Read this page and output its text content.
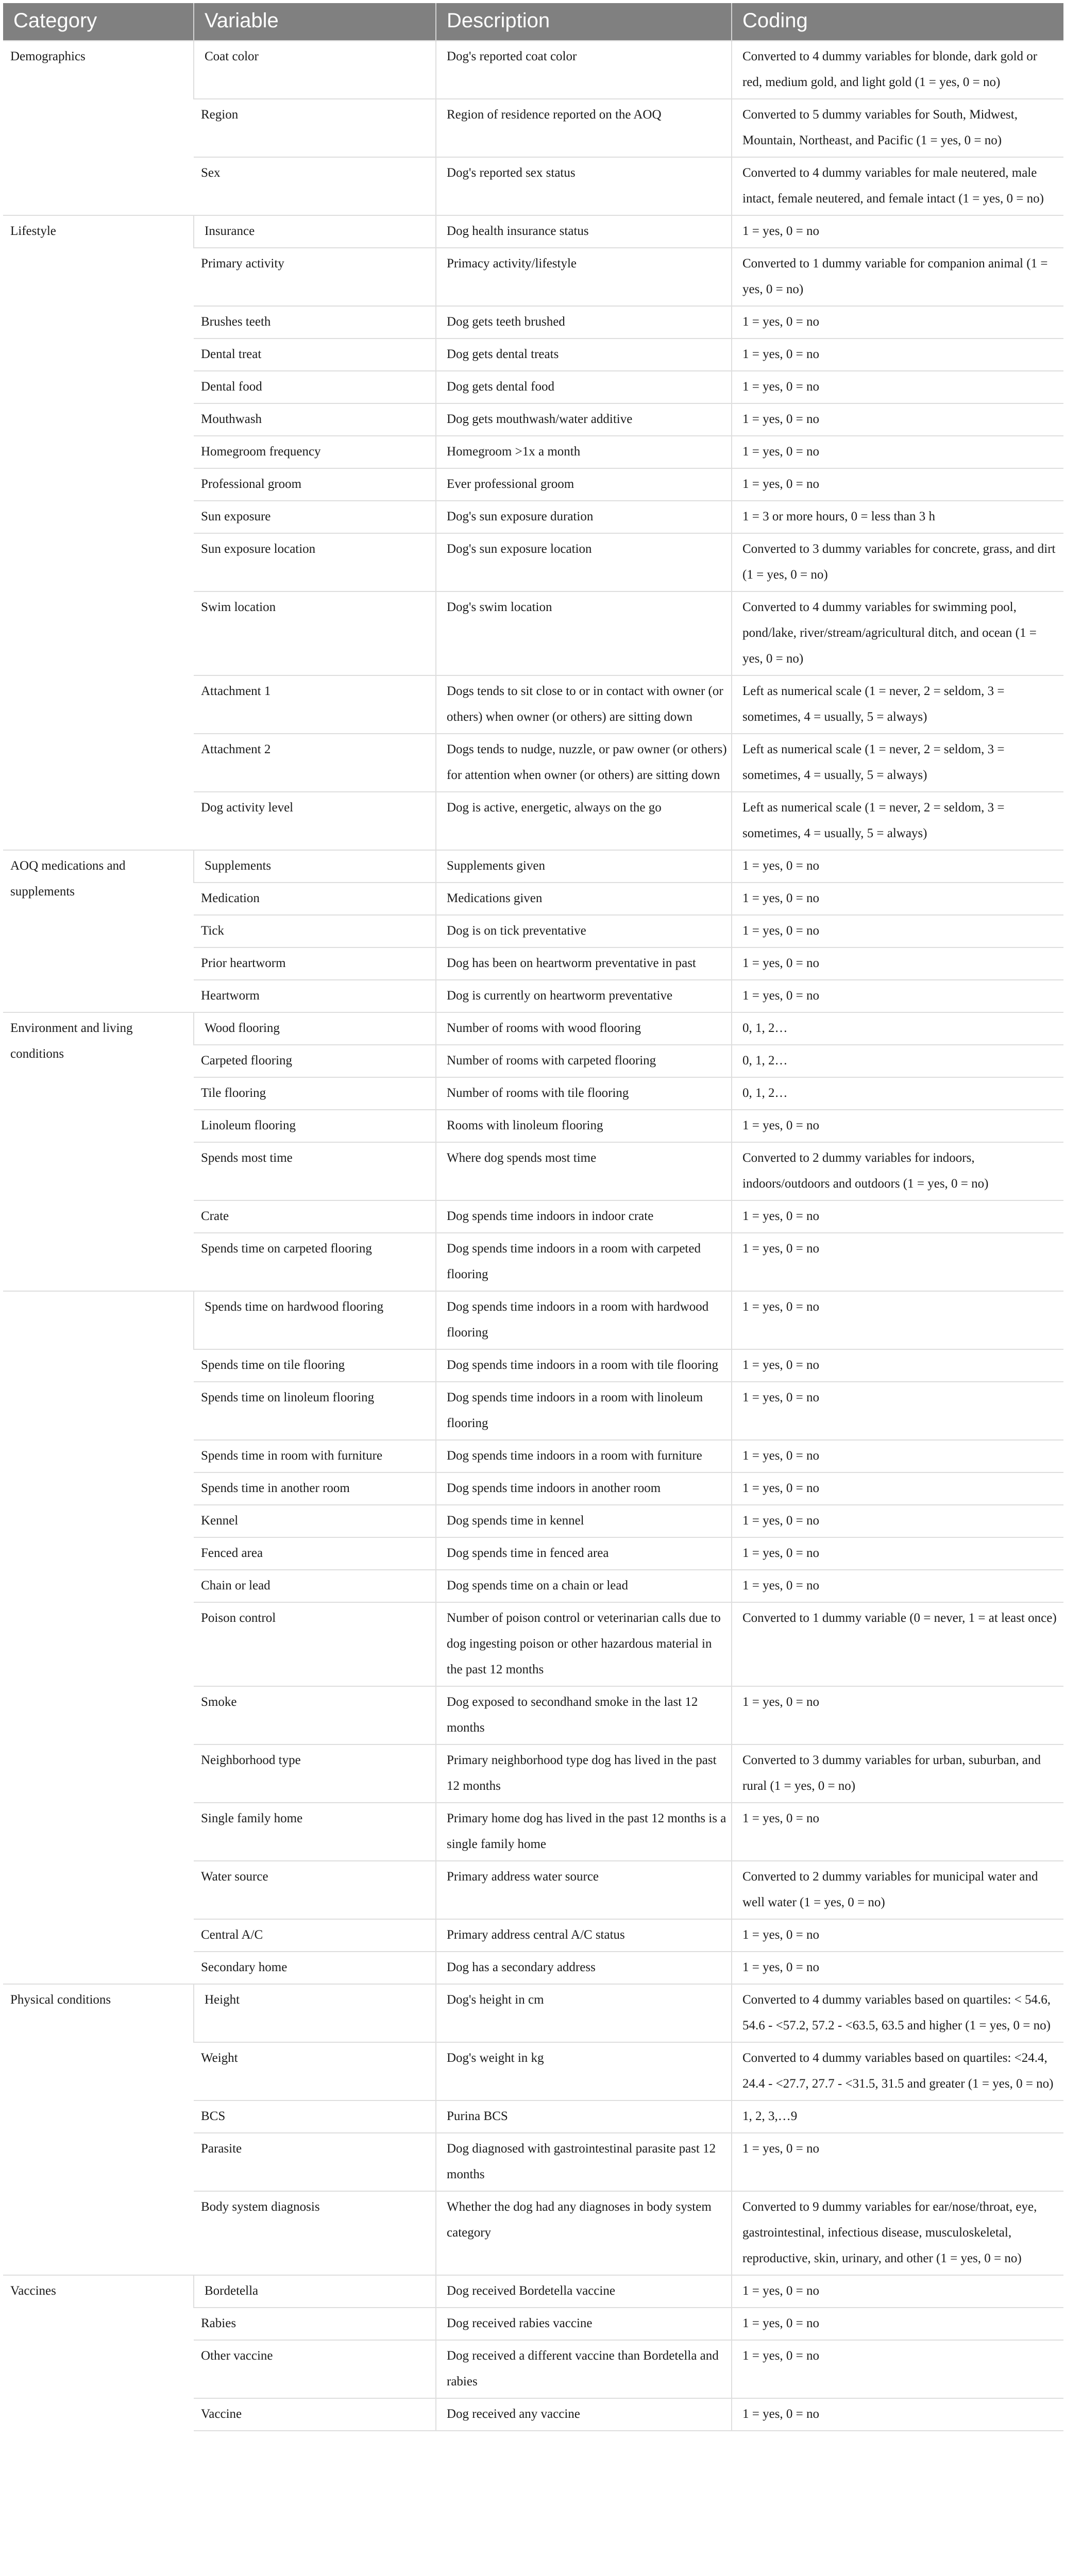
Category	Variable	Description	Coding

Demographics	Coat color	Dog's reported coat color	Converted to 4 dummy variables for blonde, dark gold or red, medium gold, and light gold (1 = yes, 0 = no)

	Region	Region of residence reported on the AOQ	Converted to 5 dummy variables for South, Midwest, Mountain, Northeast, and Pacific (1 = yes, 0 = no)

	Sex	Dog's reported sex status	Converted to 4 dummy variables for male neutered, male intact, female neutered, and female intact (1 = yes, 0 = no)

Lifestyle	Insurance	Dog health insurance status	1 = yes, 0 = no

	Primary activity	Primacy activity/lifestyle	Converted to 1 dummy variable for companion animal (1 = yes, 0 = no)

	Brushes teeth	Dog gets teeth brushed	1 = yes, 0 = no

	Dental treat	Dog gets dental treats	1 = yes, 0 = no

	Dental food	Dog gets dental food	1 = yes, 0 = no

	Mouthwash	Dog gets mouthwash/water additive	1 = yes, 0 = no

	Homegroom frequency	Homegroom >1x a month	1 = yes, 0 = no

	Professional groom	Ever professional groom	1 = yes, 0 = no

	Sun exposure	Dog's sun exposure duration	1 = 3 or more hours, 0 = less than 3 h

	Sun exposure location	Dog's sun exposure location	Converted to 3 dummy variables for concrete, grass, and dirt (1 = yes, 0 = no)

	Swim location	Dog's swim location	Converted to 4 dummy variables for swimming pool, pond/lake, river/stream/agricultural ditch, and ocean (1 = yes, 0 = no)

	Attachment 1	Dogs tends to sit close to or in contact with owner (or others) when owner (or others) are sitting down	Left as numerical scale (1 = never, 2 = seldom, 3 = sometimes, 4 = usually, 5 = always)

	Attachment 2	Dogs tends to nudge, nuzzle, or paw owner (or others) for attention when owner (or others) are sitting down	Left as numerical scale (1 = never, 2 = seldom, 3 = sometimes, 4 = usually, 5 = always)

	Dog activity level	Dog is active, energetic, always on the go	Left as numerical scale (1 = never, 2 = seldom, 3 = sometimes, 4 = usually, 5 = always)

AOQ medications and supplements	Supplements	Supplements given	1 = yes, 0 = no

	Medication	Medications given	1 = yes, 0 = no

	Tick	Dog is on tick preventative	1 = yes, 0 = no

	Prior heartworm	Dog has been on heartworm preventative in past	1 = yes, 0 = no

	Heartworm	Dog is currently on heartworm preventative	1 = yes, 0 = no

Environment and living conditions	Wood flooring	Number of rooms with wood flooring	0, 1, 2…

	Carpeted flooring	Number of rooms with carpeted flooring	0, 1, 2…

	Tile flooring	Number of rooms with tile flooring	0, 1, 2…

	Linoleum flooring	Rooms with linoleum flooring	1 = yes, 0 = no

	Spends most time	Where dog spends most time	Converted to 2 dummy variables for indoors, indoors/outdoors and outdoors (1 = yes, 0 = no)

	Crate	Dog spends time indoors in indoor crate	1 = yes, 0 = no

	Spends time on carpeted flooring	Dog spends time indoors in a room with carpeted flooring	1 = yes, 0 = no

	Spends time on hardwood flooring	Dog spends time indoors in a room with hardwood flooring	1 = yes, 0 = no

	Spends time on tile flooring	Dog spends time indoors in a room with tile flooring	1 = yes, 0 = no

	Spends time on linoleum flooring	Dog spends time indoors in a room with linoleum flooring	1 = yes, 0 = no

	Spends time in room with furniture	Dog spends time indoors in a room with furniture	1 = yes, 0 = no

	Spends time in another room	Dog spends time indoors in another room	1 = yes, 0 = no

	Kennel	Dog spends time in kennel	1 = yes, 0 = no

	Fenced area	Dog spends time in fenced area	1 = yes, 0 = no

	Chain or lead	Dog spends time on a chain or lead	1 = yes, 0 = no

	Poison control	Number of poison control or veterinarian calls due to dog ingesting poison or other hazardous material in the past 12 months	Converted to 1 dummy variable (0 = never, 1 = at least once)

	Smoke	Dog exposed to secondhand smoke in the last 12 months	1 = yes, 0 = no

	Neighborhood type	Primary neighborhood type dog has lived in the past 12 months	Converted to 3 dummy variables for urban, suburban, and rural (1 = yes, 0 = no)

	Single family home	Primary home dog has lived in the past 12 months is a single family home	1 = yes, 0 = no

	Water source	Primary address water source	Converted to 2 dummy variables for municipal water and well water (1 = yes, 0 = no)

	Central A/C	Primary address central A/C status	1 = yes, 0 = no

	Secondary home	Dog has a secondary address	1 = yes, 0 = no

Physical conditions	Height	Dog's height in cm	Converted to 4 dummy variables based on quartiles: < 54.6, 54.6 - <57.2, 57.2 - <63.5, 63.5 and higher (1 = yes, 0 = no)

	Weight	Dog's weight in kg	Converted to 4 dummy variables based on quartiles: <24.4, 24.4 - <27.7, 27.7 - <31.5, 31.5 and greater (1 = yes, 0 = no)

	BCS	Purina BCS	1, 2, 3,…9

	Parasite	Dog diagnosed with gastrointestinal parasite past 12 months	1 = yes, 0 = no

	Body system diagnosis	Whether the dog had any diagnoses in body system category	Converted to 9 dummy variables for ear/nose/throat, eye, gastrointestinal, infectious disease, musculoskeletal, reproductive, skin, urinary, and other (1 = yes, 0 = no)

Vaccines	Bordetella	Dog received Bordetella vaccine	1 = yes, 0 = no

	Rabies	Dog received rabies vaccine	1 = yes, 0 = no

	Other vaccine	Dog received a different vaccine than Bordetella and rabies	1 = yes, 0 = no

	Vaccine	Dog received any vaccine	1 = yes, 0 = no
